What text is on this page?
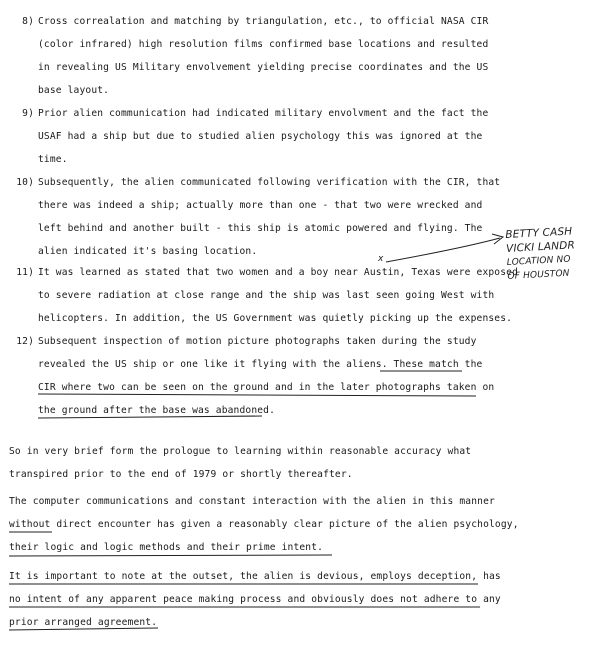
8) Cross correalation and matching by triangulation, etc., to official NASA CIR
(color infrared) high resolution films confirmed base locations and resulted
in revealing US Military envolvement yielding precise coordinates and the US
base layout.
9) Prior alien communication had indicated military envolvment and the fact the
USAF had a ship but due to studied alien psychology this was ignored at the
time.
10) Subsequently, the alien communicated following verification with the CIR, that
there was indeed a ship; actually more than one - that two were wrecked and
left behind and another built - this ship is atomic powered and flying. The
alien indicated it's basing location.
11) It was learned as stated that two women and a boy near Austin, Texas were exposed
to severe radiation at close range and the ship was last seen going West with
helicopters. In addition, the US Government was quietly picking up the expenses.
12) Subsequent inspection of motion picture photographs taken during the study
revealed the US ship or one like it flying with the aliens. These match the
CIR where two can be seen on the ground and in the later photographs taken on
the ground after the base was abandoned.
So in very brief form the prologue to learning within reasonable accuracy what
transpired prior to the end of 1979 or shortly thereafter.
The computer communications and constant interaction with the alien in this manner
without direct encounter has given a reasonably clear picture of the alien psychology,
their logic and logic methods and their prime intent.
It is important to note at the outset, the alien is devious, employs deception, has
no intent of any apparent peace making process and obviously does not adhere to any
prior arranged agreement.
BETTY CASH
VICKI LANDR
LOCATION NO
OF HOUSTON
x
